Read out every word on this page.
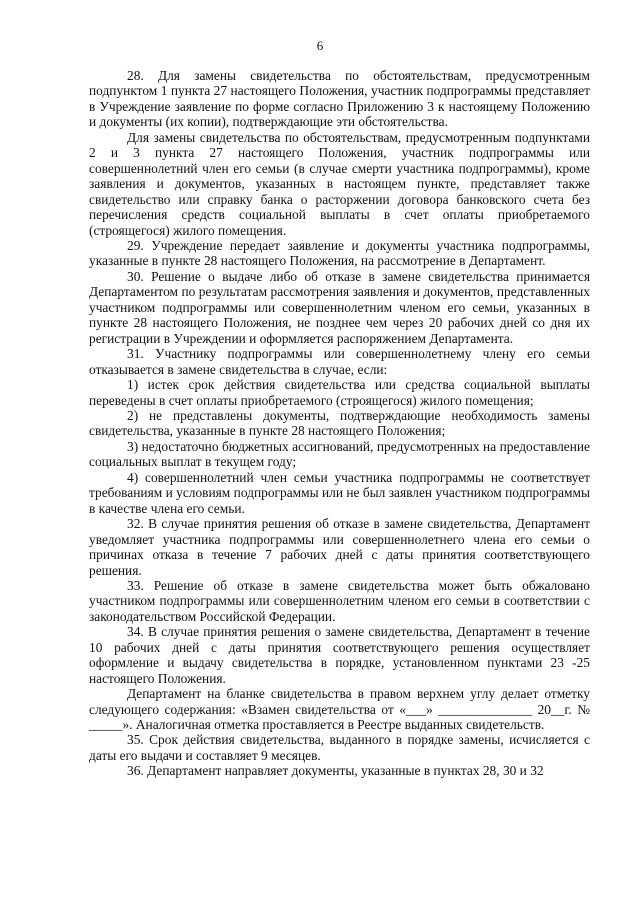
6

28. Для замены свидетельства по обстоятельствам, предусмотренным подпунктом 1 пункта 27 настоящего Положения, участник подпрограммы представляет в Учреждение заявление по форме согласно Приложению 3 к настоящему Положению и документы (их копии), подтверждающие эти обстоятельства.

Для замены свидетельства по обстоятельствам, предусмотренным подпунктами 2 и 3 пункта 27 настоящего Положения, участник подпрограммы или совершеннолетний член его семьи (в случае смерти участника подпрограммы), кроме заявления и документов, указанных в настоящем пункте, представляет также свидетельство или справку банка о расторжении договора банковского счета без перечисления средств социальной выплаты в счет оплаты приобретаемого (строящегося) жилого помещения.

29. Учреждение передает заявление и документы участника подпрограммы, указанные в пункте 28 настоящего Положения, на рассмотрение в Департамент.

30. Решение о выдаче либо об отказе в замене свидетельства принимается Департаментом по результатам рассмотрения заявления и документов, представленных участником подпрограммы или совершеннолетним членом его семьи, указанных в пункте 28 настоящего Положения, не позднее чем через 20 рабочих дней со дня их регистрации в Учреждении и оформляется распоряжением Департамента.

31. Участнику подпрограммы или совершеннолетнему члену его семьи отказывается в замене свидетельства в случае, если:

1) истек срок действия свидетельства или средства социальной выплаты переведены в счет оплаты приобретаемого (строящегося) жилого помещения;

2) не представлены документы, подтверждающие необходимость замены свидетельства, указанные в пункте 28 настоящего Положения;

3) недостаточно бюджетных ассигнований, предусмотренных на предоставление социальных выплат в текущем году;

4) совершеннолетний член семьи участника подпрограммы не соответствует требованиям и условиям подпрограммы или не был заявлен участником подпрограммы в качестве члена его семьи.

32. В случае принятия решения об отказе в замене свидетельства, Департамент уведомляет участника подпрограммы или совершеннолетнего члена его семьи о причинах отказа в течение 7 рабочих дней с даты принятия соответствующего решения.

33. Решение об отказе в замене свидетельства может быть обжаловано участником подпрограммы или совершеннолетним членом его семьи в соответствии с законодательством Российской Федерации.

34. В случае принятия решения о замене свидетельства, Департамент в течение 10 рабочих дней с даты принятия соответствующего решения осуществляет оформление и выдачу свидетельства в порядке, установленном пунктами 23 -25 настоящего Положения.

Департамент на бланке свидетельства в правом верхнем углу делает отметку следующего содержания: «Взамен свидетельства от «___» ______________ 20__г. № _____». Аналогичная отметка проставляется в Реестре выданных свидетельств.

35. Срок действия свидетельства, выданного в порядке замены, исчисляется с даты его выдачи и составляет 9 месяцев.

36. Департамент направляет документы, указанные в пунктах 28, 30 и 32
